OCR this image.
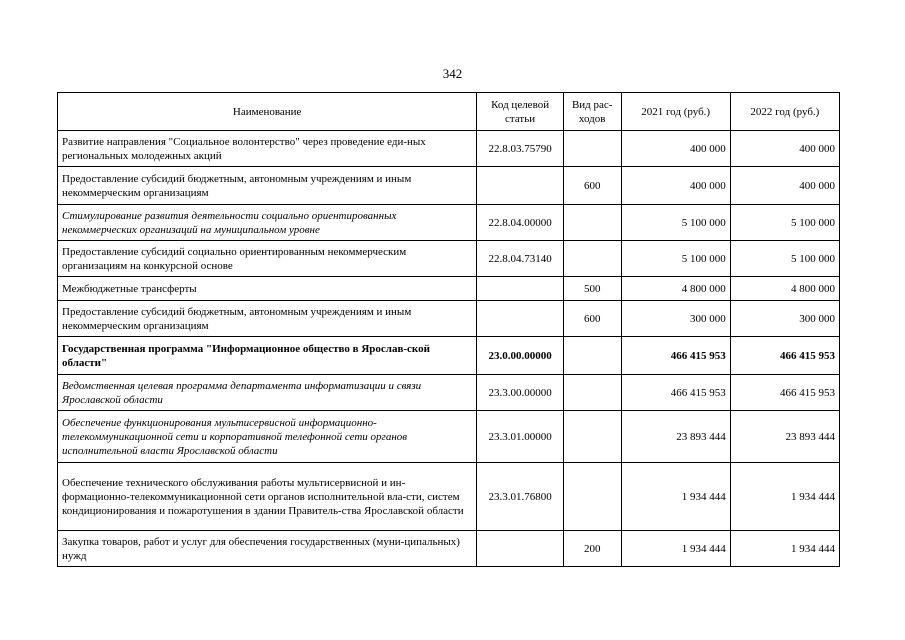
342
Наименование	Код целевой статьи	Вид рас-ходов	2021 год (руб.)	2022 год (руб.)
Развитие направления "Социальное волонтерство" через проведение еди-ных региональных молодежных акций	22.8.03.75790		400 000	400 000
Предоставление субсидий бюджетным, автономным учреждениям и иным некоммерческим организациям		600	400 000	400 000
Стимулирование развития деятельности социально ориентированных некоммерческих организаций на муниципальном уровне	22.8.04.00000		5 100 000	5 100 000
Предоставление субсидий социально ориентированным некоммерческим организациям на конкурсной основе	22.8.04.73140		5 100 000	5 100 000
Межбюджетные трансферты		500	4 800 000	4 800 000
Предоставление субсидий бюджетным, автономным учреждениям и иным некоммерческим организациям		600	300 000	300 000
Государственная программа "Информационное общество в Ярослав-ской области"	23.0.00.00000		466 415 953	466 415 953
Ведомственная целевая программа департамента информатизации и связи Ярославской области	23.3.00.00000		466 415 953	466 415 953
Обеспечение функционирования мультисервисной информационно-телекоммуникационной сети и корпоративной телефонной сети органов исполнительной власти Ярославской области	23.3.01.00000		23 893 444	23 893 444
Обеспечение технического обслуживания работы мультисервисной и ин-формационно-телекоммуникационной сети органов исполнительной вла-сти, систем кондиционирования и пожаротушения в здании Правитель-ства Ярославской области	23.3.01.76800		1 934 444	1 934 444
Закупка товаров, работ и услуг для обеспечения государственных (муни-ципальных) нужд		200	1 934 444	1 934 444
